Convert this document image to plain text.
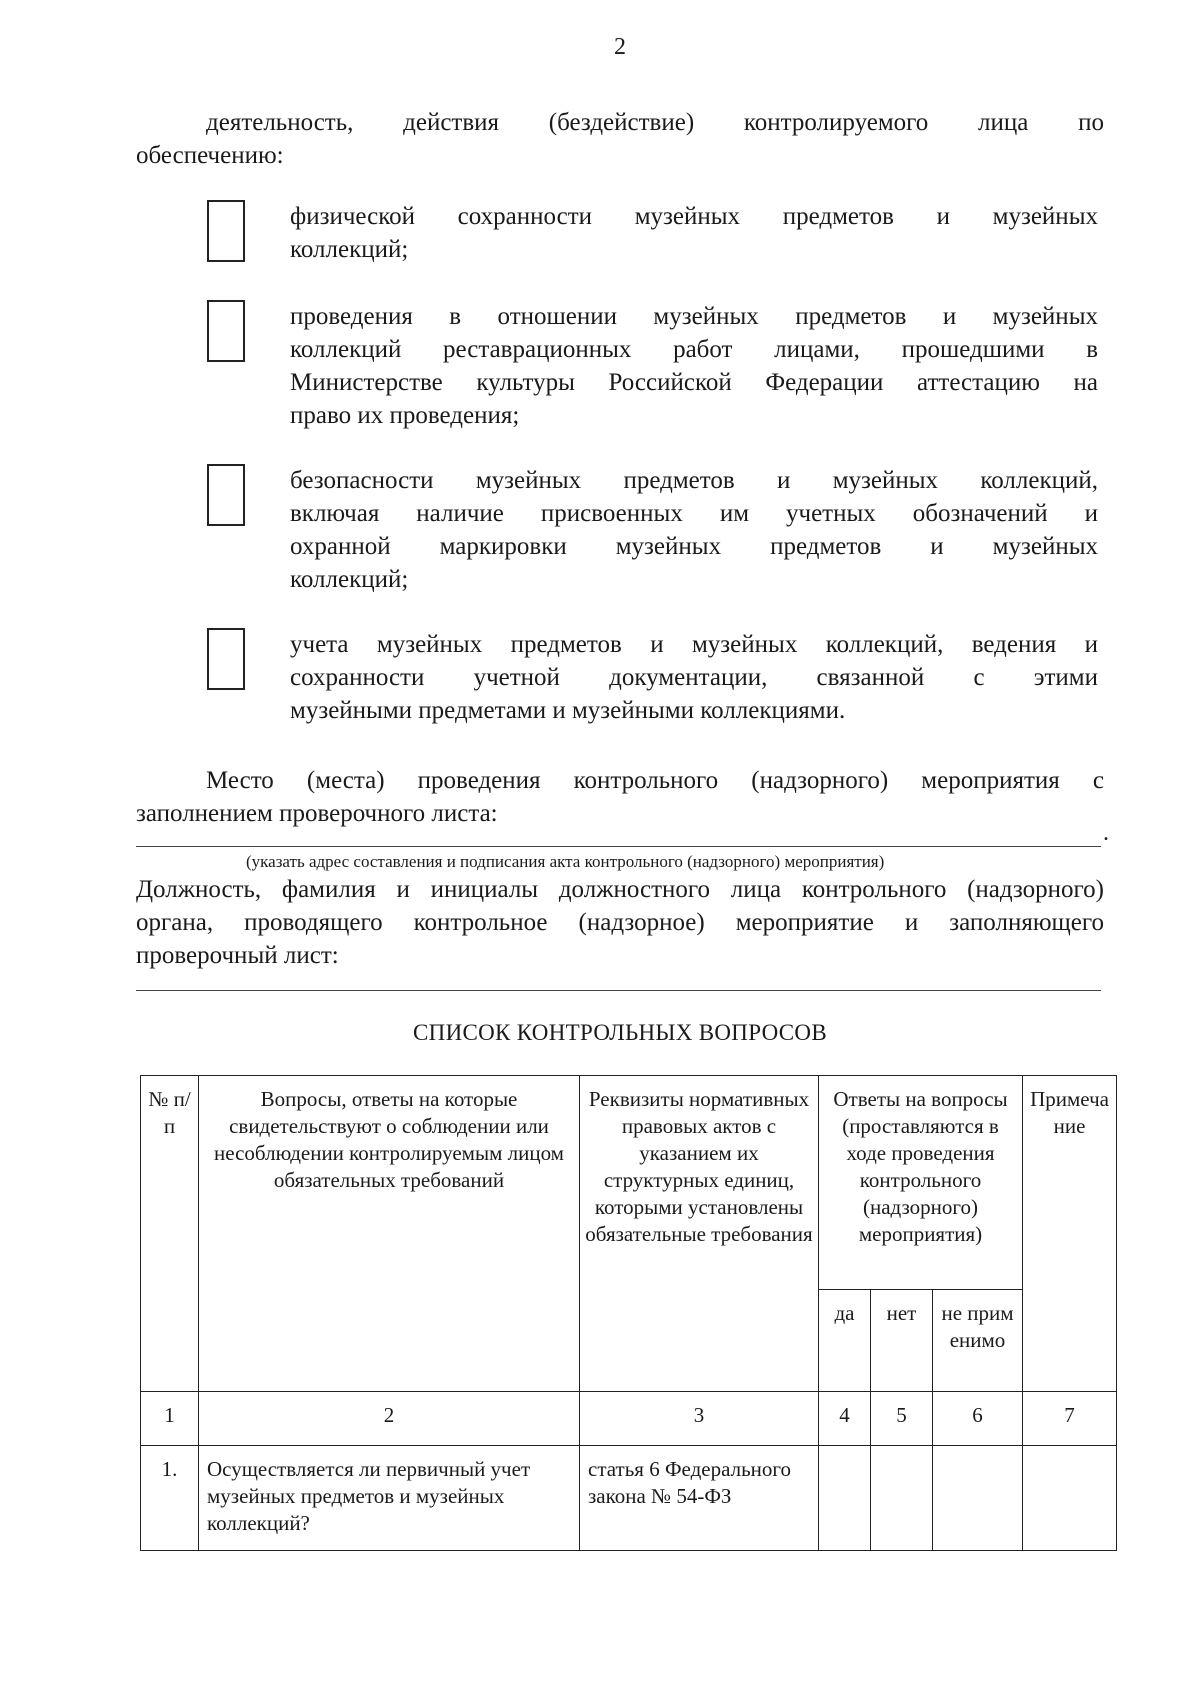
2
деятельность, действия (бездействие) контролируемого лица по
обеспечению:
физической сохранности музейных предметов и музейных
коллекций;
проведения в отношении музейных предметов и музейных
коллекций реставрационных работ лицами, прошедшими в
Министерстве культуры Российской Федерации аттестацию на
право их проведения;
безопасности музейных предметов и музейных коллекций,
включая наличие присвоенных им учетных обозначений и
охранной маркировки музейных предметов и музейных
коллекций;
учета музейных предметов и музейных коллекций, ведения и
сохранности учетной документации, связанной с этими
музейными предметами и музейными коллекциями.
Место (места) проведения контрольного (надзорного) мероприятия с
заполнением проверочного листа:
.
(указать адрес составления и подписания акта контрольного (надзорного) мероприятия)
Должность, фамилия и инициалы должностного лица контрольного (надзорного)
органа, проводящего контрольное (надзорное) мероприятие и заполняющего
проверочный лист:
СПИСОК КОНТРОЛЬНЫХ ВОПРОСОВ
№ п/п	Вопросы, ответы на которые свидетельствуют о соблюдении или несоблюдении контролируемым лицом обязательных требований	Реквизиты нормативных правовых актов с указанием их структурных единиц, которыми установлены обязательные требования	Ответы на вопросы (проставляются в ходе проведения контрольного (надзорного) мероприятия)			Примечание
			да	нет	не применимо	
1	2	3	4	5	6	7
1.	Осуществляется ли первичный учет музейных предметов и музейных коллекций?	статья 6 Федерального закона № 54-ФЗ				
